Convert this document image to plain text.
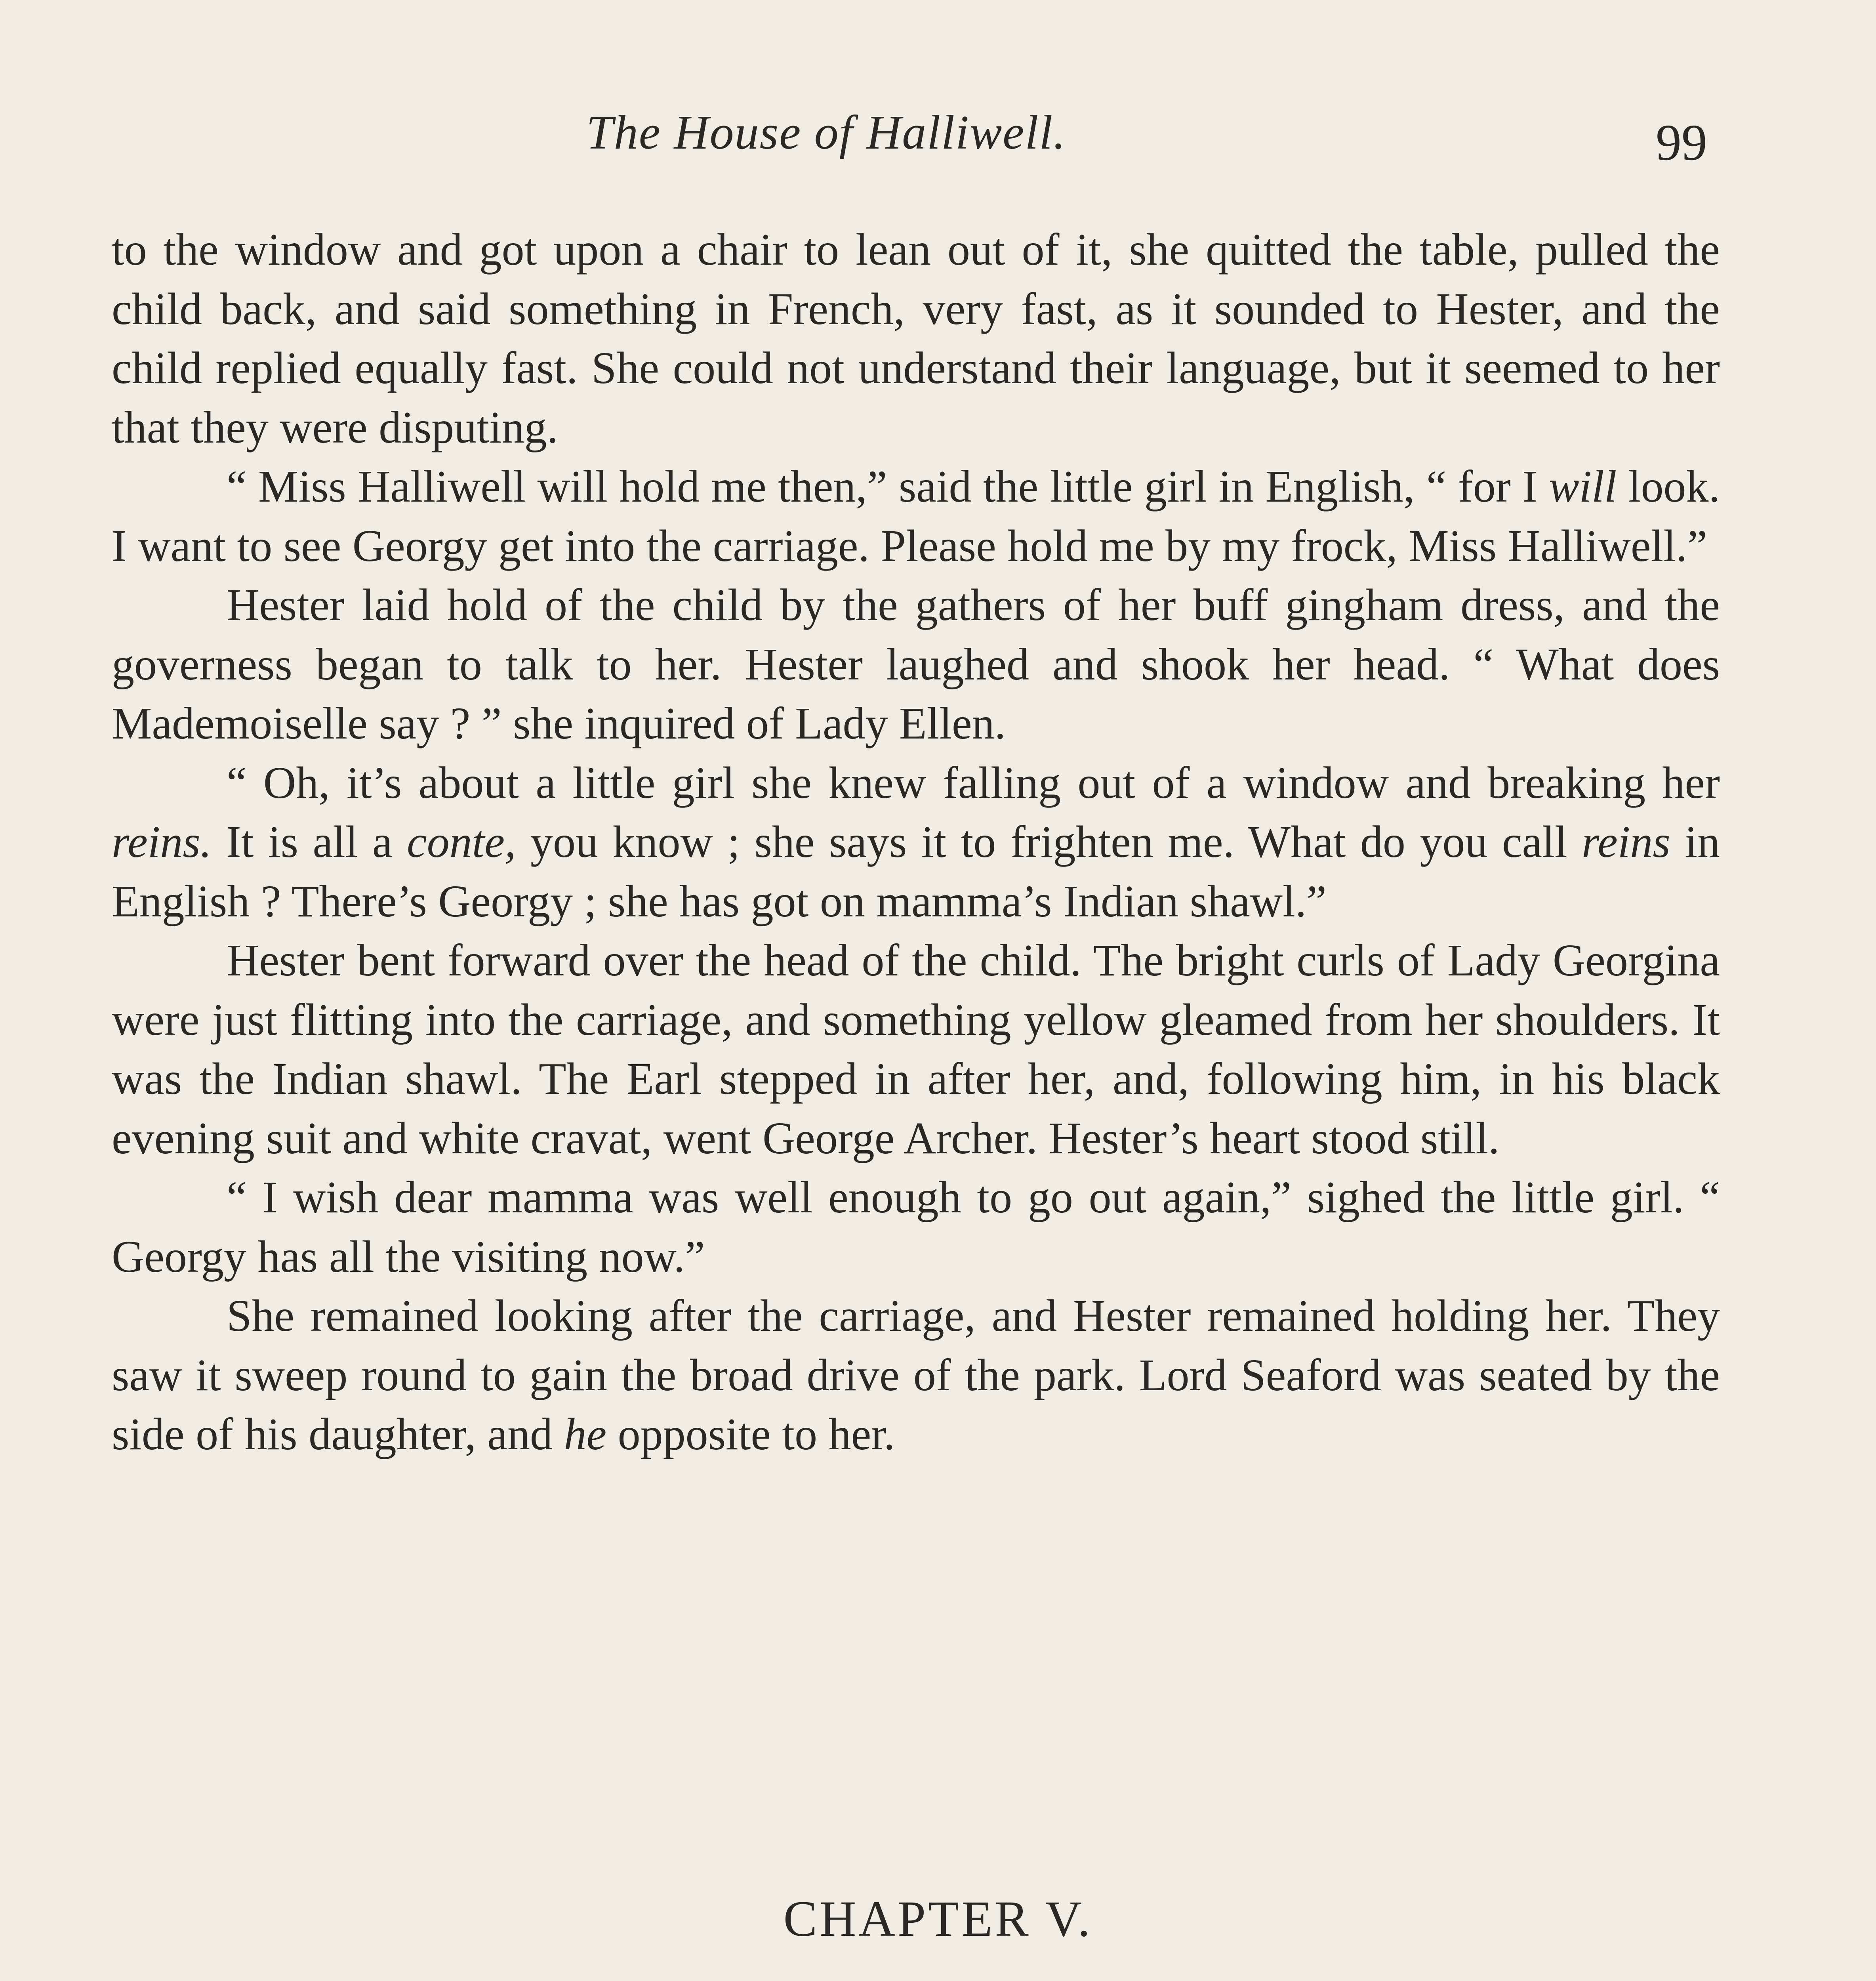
The House of Halliwell.	99

to the window and got upon a chair to lean out of it, she quitted the table, pulled the child back, and said something in French, very fast, as it sounded to Hester, and the child replied equally fast. She could not understand their language, but it seemed to her that they were disputing.

“ Miss Halliwell will hold me then,” said the little girl in English, “ for I will look. I want to see Georgy get into the carriage. Please hold me by my frock, Miss Halliwell.”

Hester laid hold of the child by the gathers of her buff gingham dress, and the governess began to talk to her. Hester laughed and shook her head. “ What does Mademoiselle say ? ” she inquired of Lady Ellen.

“ Oh, it’s about a little girl she knew falling out of a window and breaking her reins. It is all a conte, you know ; she says it to frighten me. What do you call reins in English ? There’s Georgy ; she has got on mamma’s Indian shawl.”

Hester bent forward over the head of the child. The bright curls of Lady Georgina were just flitting into the carriage, and something yellow gleamed from her shoulders. It was the Indian shawl. The Earl stepped in after her, and, following him, in his black evening suit and white cravat, went George Archer. Hester’s heart stood still.

“ I wish dear mamma was well enough to go out again,” sighed the little girl. “ Georgy has all the visiting now.”

She remained looking after the carriage, and Hester remained holding her. They saw it sweep round to gain the broad drive of the park. Lord Seaford was seated by the side of his daughter, and he opposite to her.

CHAPTER V.
